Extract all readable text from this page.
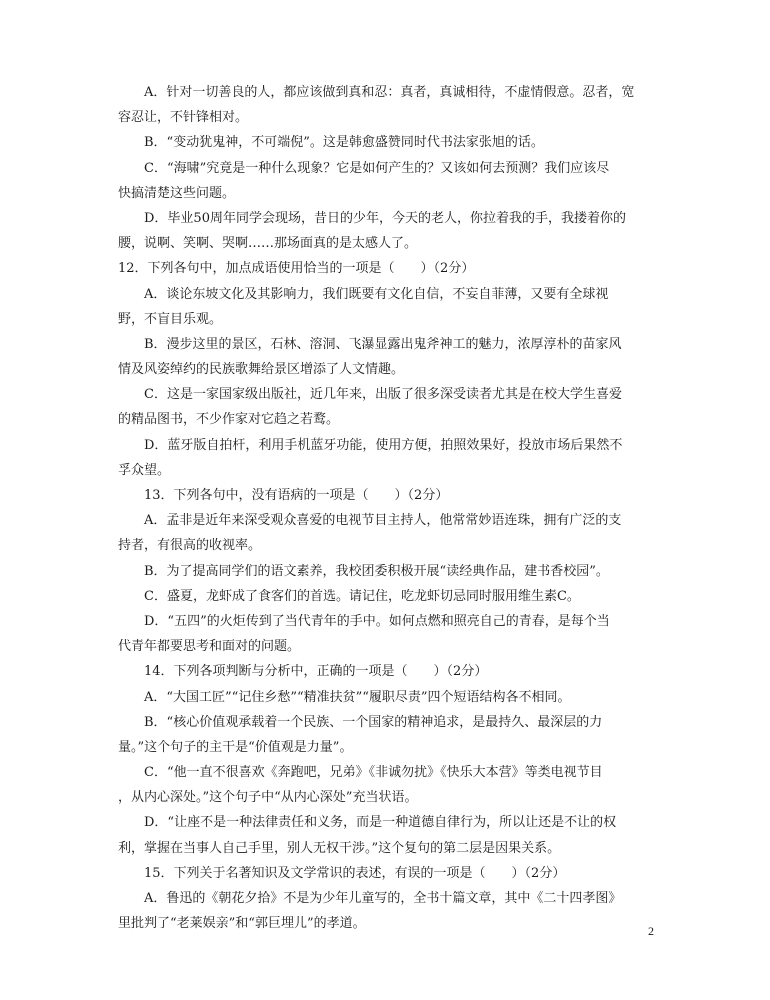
A．针对一切善良的人，都应该做到真和忍：真者，真诚相待，不虚情假意。忍者，宽
容忍让，不针锋相对。
B．“变动犹鬼神，不可端倪”。这是韩愈盛赞同时代书法家张旭的话。
C．“海啸”究竟是一种什么现象？它是如何产生的？又该如何去预测？我们应该尽
快搞清楚这些问题。
D．毕业50周年同学会现场，昔日的少年，今天的老人，你拉着我的手，我搂着你的
腰，说啊、笑啊、哭啊……那场面真的是太感人了。
12．下列各句中，加点成语使用恰当的一项是（　　）（2分）
A．谈论东坡文化及其影响力，我们既要有文化自信，不妄自菲薄，又要有全球视
野，不盲目乐观。
B．漫步这里的景区，石林、溶洞、飞瀑显露出鬼斧神工的魅力，浓厚淳朴的苗家风
情及风姿绰约的民族歌舞给景区增添了人文情趣。
C．这是一家国家级出版社，近几年来，出版了很多深受读者尤其是在校大学生喜爱
的精品图书，不少作家对它趋之若鹜。
D．蓝牙版自拍杆，利用手机蓝牙功能，使用方便，拍照效果好，投放市场后果然不
孚众望。
13．下列各句中，没有语病的一项是（　　）（2分）
A．孟非是近年来深受观众喜爱的电视节目主持人，他常常妙语连珠，拥有广泛的支
持者，有很高的收视率。
B．为了提高同学们的语文素养，我校团委积极开展“读经典作品，建书香校园”。
C．盛夏，龙虾成了食客们的首选。请记住，吃龙虾切忌同时服用维生素C。
D．“五四”的火炬传到了当代青年的手中。如何点燃和照亮自己的青春，是每个当
代青年都要思考和面对的问题。
14．下列各项判断与分析中，正确的一项是（　　）（2分）
A．“大国工匠”“记住乡愁”“精准扶贫”“履职尽责”四个短语结构各不相同。
B．“核心价值观承载着一个民族、一个国家的精神追求，是最持久、最深层的力
量。”这个句子的主干是“价值观是力量”。
C．“他一直不很喜欢《奔跑吧，兄弟》《非诚勿扰》《快乐大本营》等类电视节目
，从内心深处。”这个句子中“从内心深处”充当状语。
D．“让座不是一种法律责任和义务，而是一种道德自律行为，所以让还是不让的权
利，掌握在当事人自己手里，别人无权干涉。”这个复句的第二层是因果关系。
15．下列关于名著知识及文学常识的表述，有误的一项是（　　）（2分）
A．鲁迅的《朝花夕拾》不是为少年儿童写的，全书十篇文章，其中《二十四孝图》
里批判了“老莱娱亲”和“郭巨埋儿”的孝道。	2
